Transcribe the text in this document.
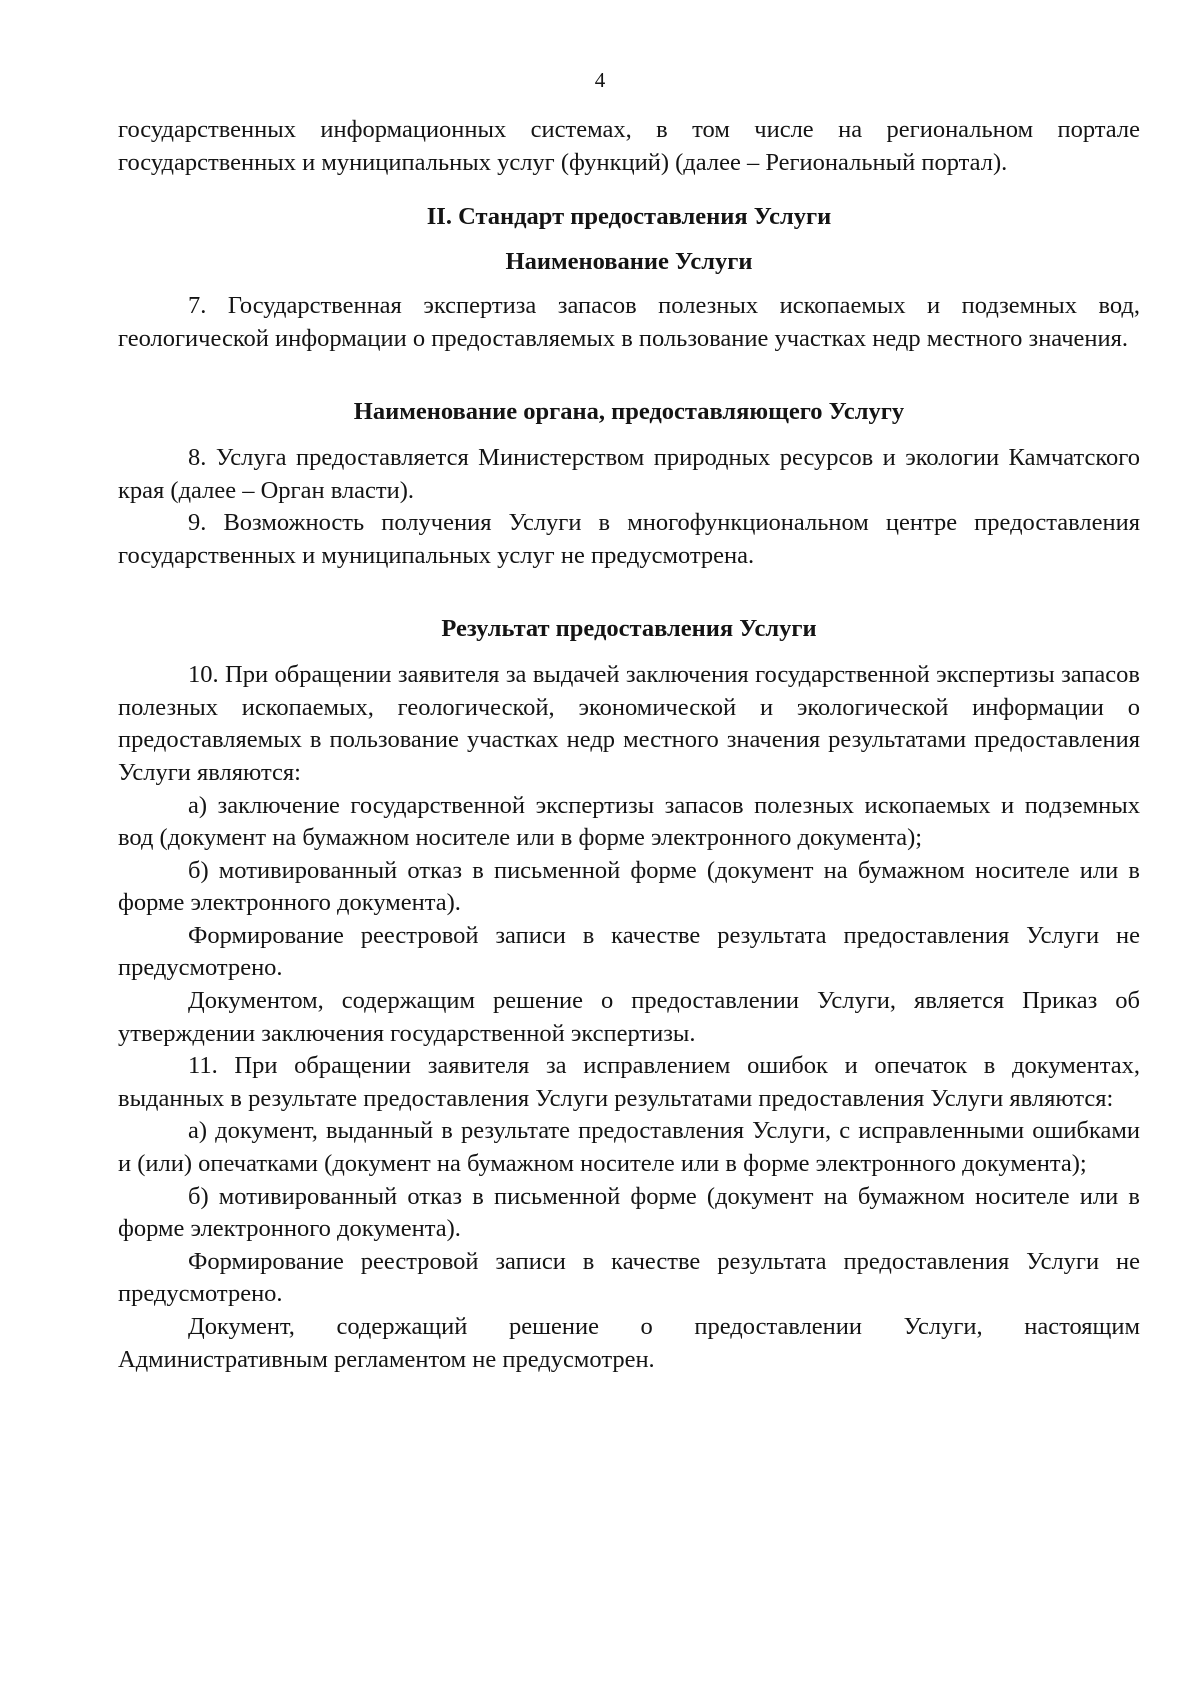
4

государственных информационных системах, в том числе на региональном портале государственных и муниципальных услуг (функций) (далее – Региональный портал).

II. Стандарт предоставления Услуги
Наименование Услуги

7. Государственная экспертиза запасов полезных ископаемых и подземных вод, геологической информации о предоставляемых в пользование участках недр местного значения.

Наименование органа, предоставляющего Услугу

8. Услуга предоставляется Министерством природных ресурсов и экологии Камчатского края (далее – Орган власти).

9. Возможность получения Услуги в многофункциональном центре предоставления государственных и муниципальных услуг не предусмотрена.

Результат предоставления Услуги

10. При обращении заявителя за выдачей заключения государственной экспертизы запасов полезных ископаемых, геологической, экономической и экологической информации о предоставляемых в пользование участках недр местного значения результатами предоставления Услуги являются:

а) заключение государственной экспертизы запасов полезных ископаемых и подземных вод (документ на бумажном носителе или в форме электронного документа);

б) мотивированный отказ в письменной форме (документ на бумажном носителе или в форме электронного документа).

Формирование реестровой записи в качестве результата предоставления Услуги не предусмотрено.

Документом, содержащим решение о предоставлении Услуги, является Приказ об утверждении заключения государственной экспертизы.

11. При обращении заявителя за исправлением ошибок и опечаток в документах, выданных в результате предоставления Услуги результатами предоставления Услуги являются:

а) документ, выданный в результате предоставления Услуги, с исправленными ошибками и (или) опечатками (документ на бумажном носителе или в форме электронного документа);

б) мотивированный отказ в письменной форме (документ на бумажном носителе или в форме электронного документа).

Формирование реестровой записи в качестве результата предоставления Услуги не предусмотрено.

Документ, содержащий решение о предоставлении Услуги, настоящим Административным регламентом не предусмотрен.
